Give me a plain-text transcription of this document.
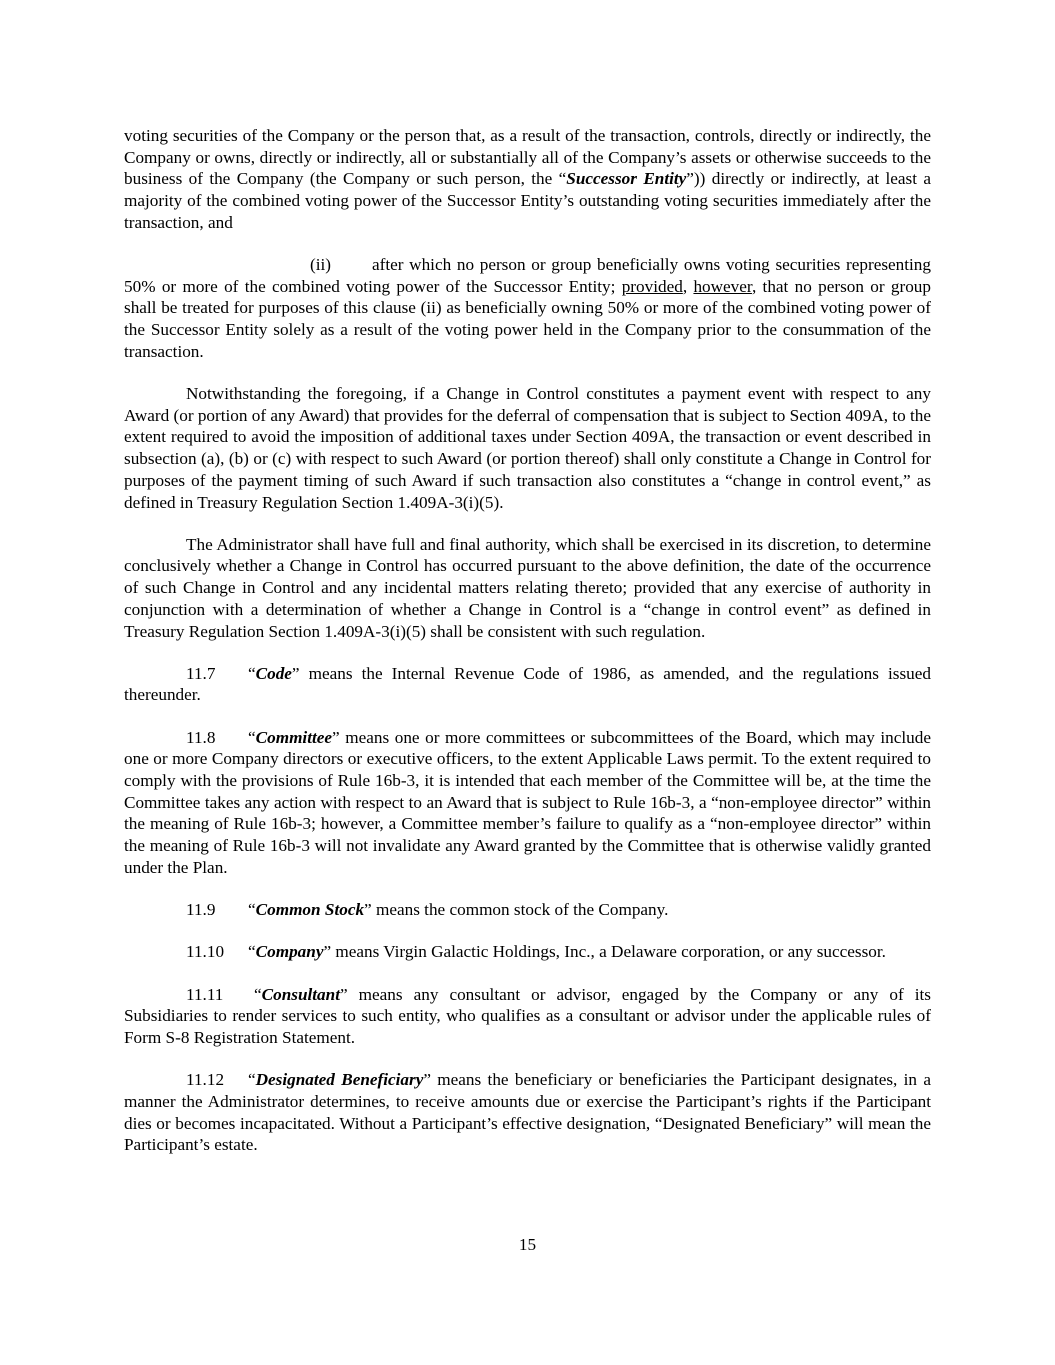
voting securities of the Company or the person that, as a result of the transaction, controls, directly or indirectly, the Company or owns, directly or indirectly, all or substantially all of the Company’s assets or otherwise succeeds to the business of the Company (the Company or such person, the “Successor Entity”)) directly or indirectly, at least a majority of the combined voting power of the Successor Entity’s outstanding voting securities immediately after the transaction, and

(ii) after which no person or group beneficially owns voting securities representing 50% or more of the combined voting power of the Successor Entity; provided, however, that no person or group shall be treated for purposes of this clause (ii) as beneficially owning 50% or more of the combined voting power of the Successor Entity solely as a result of the voting power held in the Company prior to the consummation of the transaction.

Notwithstanding the foregoing, if a Change in Control constitutes a payment event with respect to any Award (or portion of any Award) that provides for the deferral of compensation that is subject to Section 409A, to the extent required to avoid the imposition of additional taxes under Section 409A, the transaction or event described in subsection (a), (b) or (c) with respect to such Award (or portion thereof) shall only constitute a Change in Control for purposes of the payment timing of such Award if such transaction also constitutes a “change in control event,” as defined in Treasury Regulation Section 1.409A-3(i)(5).

The Administrator shall have full and final authority, which shall be exercised in its discretion, to determine conclusively whether a Change in Control has occurred pursuant to the above definition, the date of the occurrence of such Change in Control and any incidental matters relating thereto; provided that any exercise of authority in conjunction with a determination of whether a Change in Control is a “change in control event” as defined in Treasury Regulation Section 1.409A-3(i)(5) shall be consistent with such regulation.

11.7 “Code” means the Internal Revenue Code of 1986, as amended, and the regulations issued thereunder.

11.8 “Committee” means one or more committees or subcommittees of the Board, which may include one or more Company directors or executive officers, to the extent Applicable Laws permit. To the extent required to comply with the provisions of Rule 16b-3, it is intended that each member of the Committee will be, at the time the Committee takes any action with respect to an Award that is subject to Rule 16b-3, a “non-employee director” within the meaning of Rule 16b-3; however, a Committee member’s failure to qualify as a “non-employee director” within the meaning of Rule 16b-3 will not invalidate any Award granted by the Committee that is otherwise validly granted under the Plan.

11.9 “Common Stock” means the common stock of the Company.

11.10 “Company” means Virgin Galactic Holdings, Inc., a Delaware corporation, or any successor.

11.11 “Consultant” means any consultant or advisor, engaged by the Company or any of its Subsidiaries to render services to such entity, who qualifies as a consultant or advisor under the applicable rules of Form S-8 Registration Statement.

11.12 “Designated Beneficiary” means the beneficiary or beneficiaries the Participant designates, in a manner the Administrator determines, to receive amounts due or exercise the Participant’s rights if the Participant dies or becomes incapacitated. Without a Participant’s effective designation, “Designated Beneficiary” will mean the Participant’s estate.

15
